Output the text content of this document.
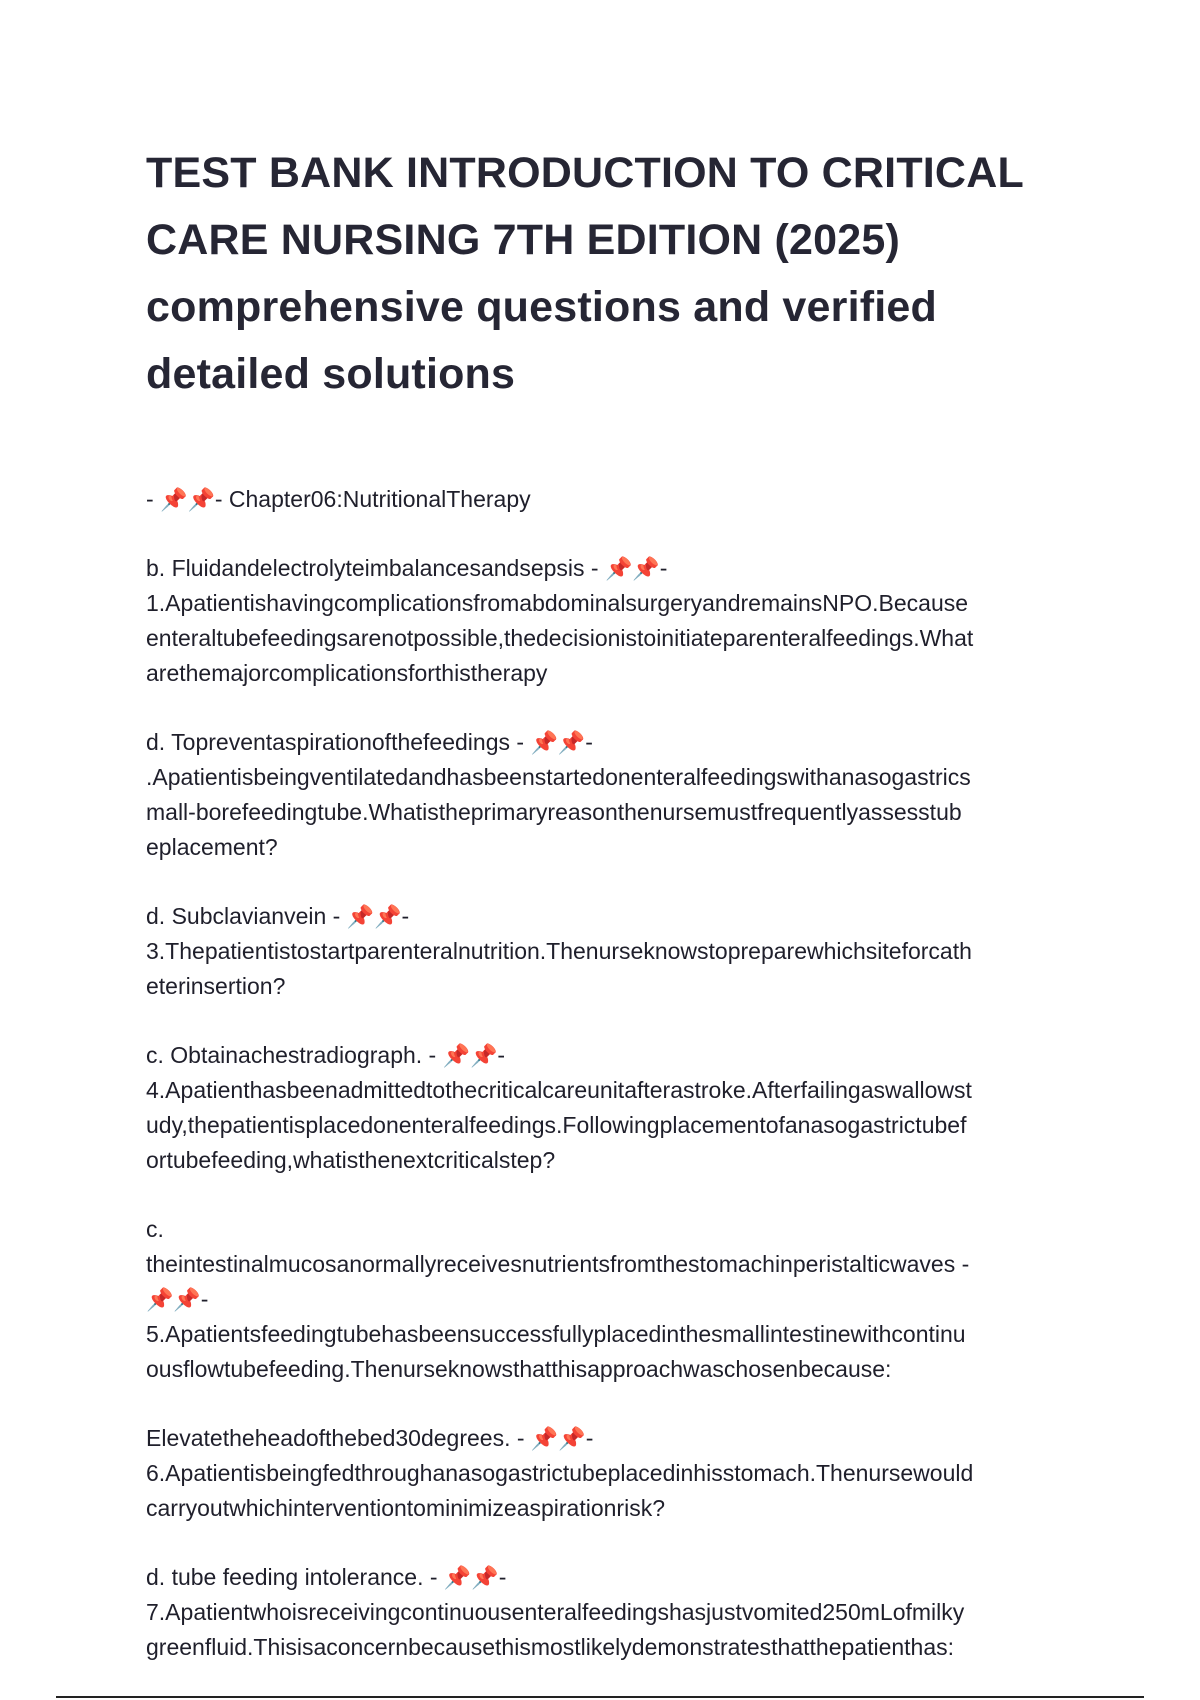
TEST BANK INTRODUCTION TO CRITICAL
CARE NURSING 7TH EDITION (2025)
comprehensive questions and verified
detailed solutions
- 📌📌- Chapter06:NutritionalTherapy
b. Fluidandelectrolyteimbalancesandsepsis - 📌📌-
1.ApatientishavingcomplicationsfromabdominalsurgeryandremainsNPO.Because
enteraltubefeedingsarenotpossible,thedecisionistoinitiateparenteralfeedings.What
arethemajorcomplicationsforthistherapy
d. Topreventaspirationofthefeedings - 📌📌-
.Apatientisbeingventilatedandhasbeenstartedonenteralfeedingswithanasogastrics
mall-borefeedingtube.Whatistheprimaryreasonthenursemustfrequentlyassesstub
eplacement?
d. Subclavianvein - 📌📌-
3.Thepatientistostartparenteralnutrition.Thenurseknowstopreparewhichsiteforcath
eterinsertion?
c. Obtainachestradiograph. - 📌📌-
4.Apatienthasbeenadmittedtothecriticalcareunitafterastroke.Afterfailingaswallowst
udy,thepatientisplacedonenteralfeedings.Followingplacementofanasogastrictubef
ortubefeeding,whatisthenextcriticalstep?
c.
theintestinalmucosanormallyreceivesnutrientsfromthestomachinperistalticwaves -
📌📌-
5.Apatientsfeedingtubehasbeensuccessfullyplacedinthesmallintestinewithcontinu
ousflowtubefeeding.Thenurseknowsthatthisapproachwaschosenbecause:
Elevatetheheadofthebed30degrees. - 📌📌-
6.Apatientisbeingfedthroughanasogastrictubeplacedinhisstomach.Thenursewould
carryoutwhichinterventiontominimizeaspirationrisk?
d. tube feeding intolerance. - 📌📌-
7.Apatientwhoisreceivingcontinuousenteralfeedingshasjustvomited250mLofmilky
greenfluid.Thisisaconcernbecausethismostlikelydemonstratesthatthepatienthas:
